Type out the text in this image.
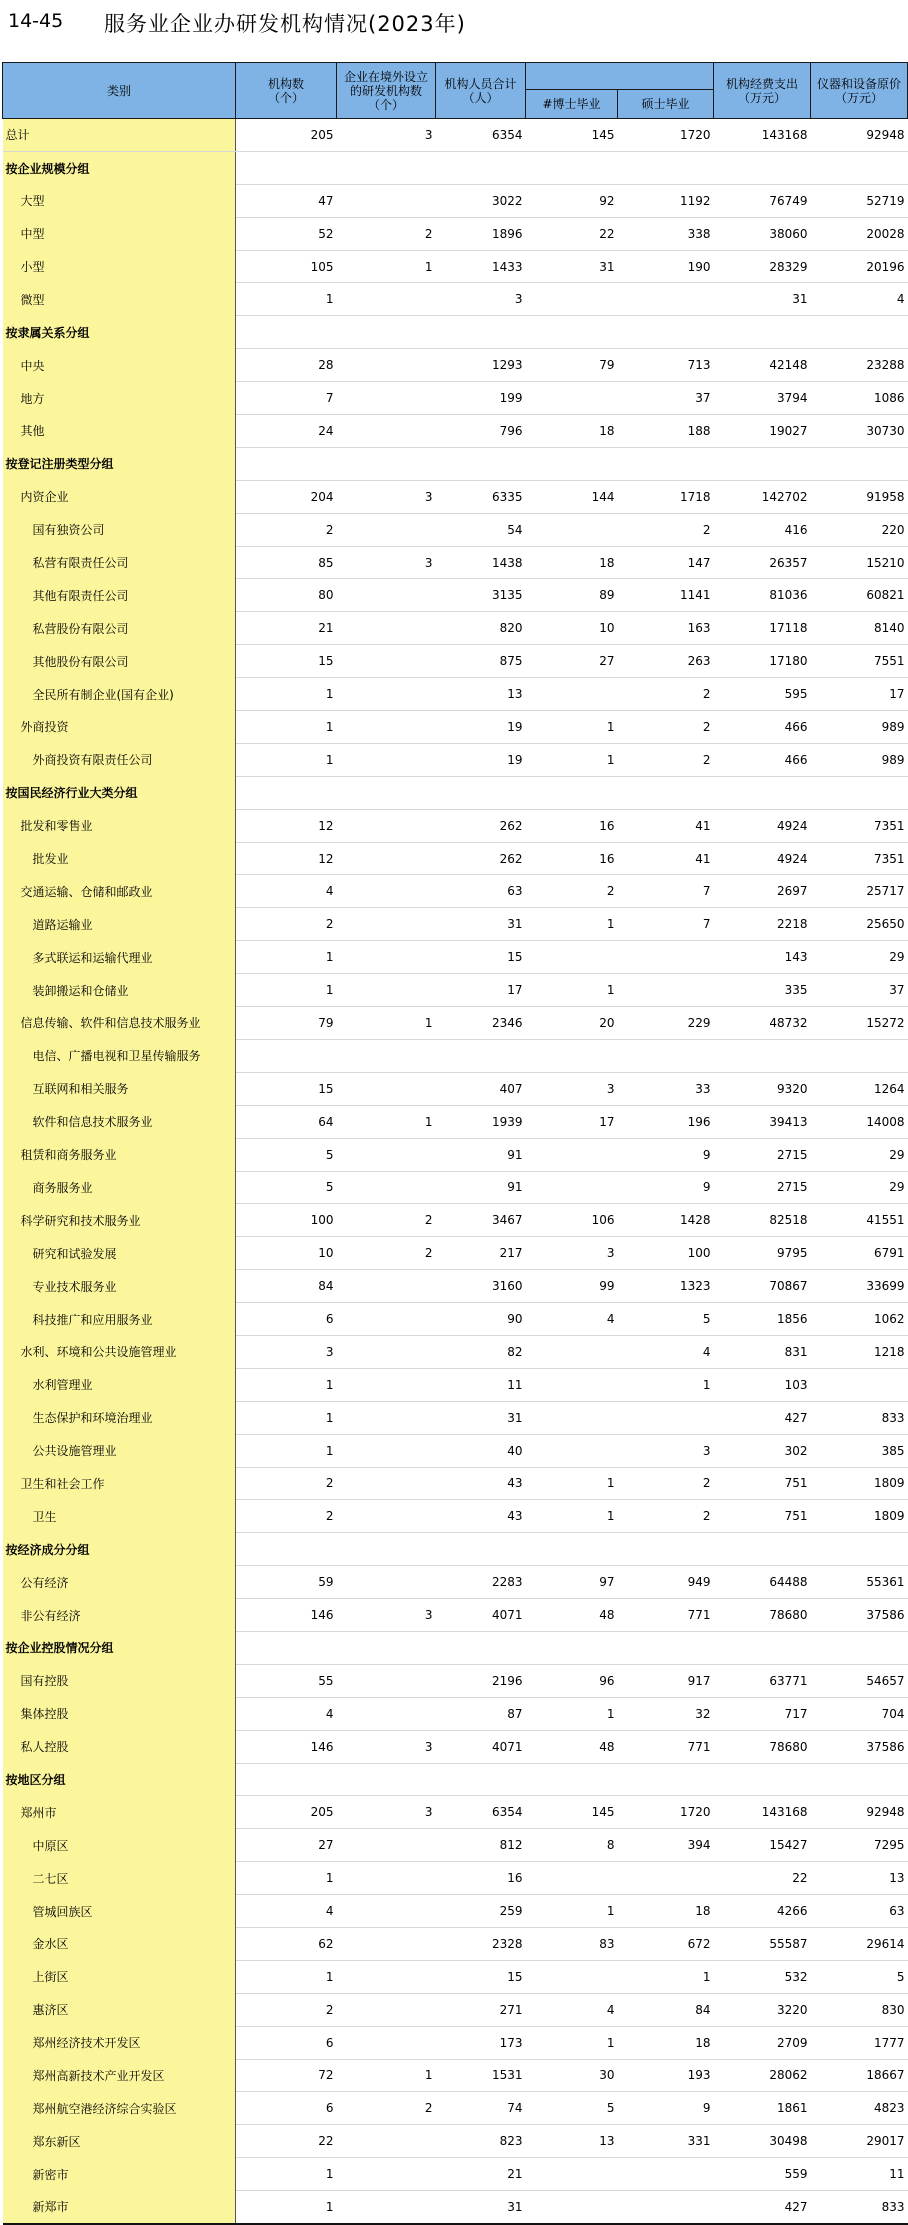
14-45 服务业企业办研发机构情况(2023年)
类别	机构数
（个）	企业在境外设立
的研发机构数
（个）	机构人员合计
（人）			机构经费支出
（万元）	仪器和设备原价
（万元）
				#博士毕业	硕士毕业		
总计	205	3	6354	145	1720	143168	92948
按企业规模分组							
大型	47		3022	92	1192	76749	52719
中型	52	2	1896	22	338	38060	20028
小型	105	1	1433	31	190	28329	20196
微型	1		3			31	4
按隶属关系分组							
中央	28		1293	79	713	42148	23288
地方	7		199		37	3794	1086
其他	24		796	18	188	19027	30730
按登记注册类型分组							
内资企业	204	3	6335	144	1718	142702	91958
国有独资公司	2		54		2	416	220
私营有限责任公司	85	3	1438	18	147	26357	15210
其他有限责任公司	80		3135	89	1141	81036	60821
私营股份有限公司	21		820	10	163	17118	8140
其他股份有限公司	15		875	27	263	17180	7551
全民所有制企业(国有企业)	1		13		2	595	17
外商投资	1		19	1	2	466	989
外商投资有限责任公司	1		19	1	2	466	989
按国民经济行业大类分组							
批发和零售业	12		262	16	41	4924	7351
批发业	12		262	16	41	4924	7351
交通运输、仓储和邮政业	4		63	2	7	2697	25717
道路运输业	2		31	1	7	2218	25650
多式联运和运输代理业	1		15			143	29
装卸搬运和仓储业	1		17	1		335	37
信息传输、软件和信息技术服务业	79	1	2346	20	229	48732	15272
电信、广播电视和卫星传输服务							
互联网和相关服务	15		407	3	33	9320	1264
软件和信息技术服务业	64	1	1939	17	196	39413	14008
租赁和商务服务业	5		91		9	2715	29
商务服务业	5		91		9	2715	29
科学研究和技术服务业	100	2	3467	106	1428	82518	41551
研究和试验发展	10	2	217	3	100	9795	6791
专业技术服务业	84		3160	99	1323	70867	33699
科技推广和应用服务业	6		90	4	5	1856	1062
水利、环境和公共设施管理业	3		82		4	831	1218
水利管理业	1		11		1	103	
生态保护和环境治理业	1		31			427	833
公共设施管理业	1		40		3	302	385
卫生和社会工作	2		43	1	2	751	1809
卫生	2		43	1	2	751	1809
按经济成分分组							
公有经济	59		2283	97	949	64488	55361
非公有经济	146	3	4071	48	771	78680	37586
按企业控股情况分组							
国有控股	55		2196	96	917	63771	54657
集体控股	4		87	1	32	717	704
私人控股	146	3	4071	48	771	78680	37586
按地区分组							
郑州市	205	3	6354	145	1720	143168	92948
中原区	27		812	8	394	15427	7295
二七区	1		16			22	13
管城回族区	4		259	1	18	4266	63
金水区	62		2328	83	672	55587	29614
上街区	1		15		1	532	5
惠济区	2		271	4	84	3220	830
郑州经济技术开发区	6		173	1	18	2709	1777
郑州高新技术产业开发区	72	1	1531	30	193	28062	18667
郑州航空港经济综合实验区	6	2	74	5	9	1861	4823
郑东新区	22		823	13	331	30498	29017
新密市	1		21			559	11
新郑市	1		31			427	833
